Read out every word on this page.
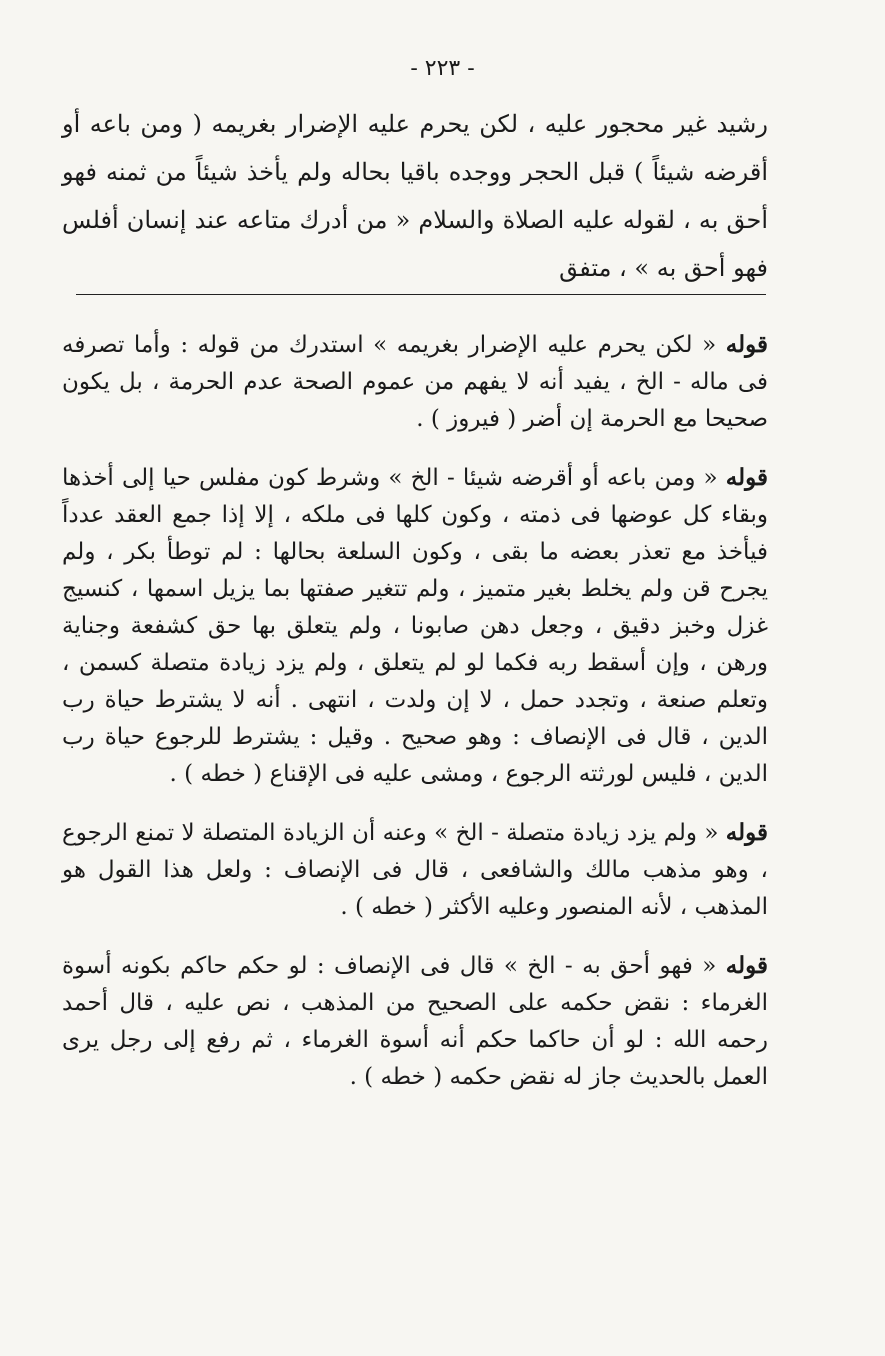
- ٢٢٣ -
رشيد غير محجور عليه ، لكن يحرم عليه الإضرار بغريمه ( ومن باعه أو أقرضه شيئاً ) قبل الحجر ووجده باقيا بحاله ولم يأخذ شيئاً من ثمنه فهو أحق به ، لقوله عليه الصلاة والسلام « من أدرك متاعه عند إنسان أفلس فهو أحق به » ، متفق

قوله « لكن يحرم عليه الإضرار بغريمه » استدرك من قوله : وأما تصرفه فى ماله - الخ ، يفيد أنه لا يفهم من عموم الصحة عدم الحرمة ، بل يكون صحيحا مع الحرمة إن أضر ( فيروز ) .

قوله « ومن باعه أو أقرضه شيئا - الخ » وشرط كون مفلس حيا إلى أخذها وبقاء كل عوضها فى ذمته ، وكون كلها فى ملكه ، إلا إذا جمع العقد عدداً فيأخذ مع تعذر بعضه ما بقى ، وكون السلعة بحالها : لم توطأ بكر ، ولم يجرح قن ولم يخلط بغير متميز ، ولم تتغير صفتها بما يزيل اسمها ، كنسيج غزل وخبز دقيق ، وجعل دهن صابونا ، ولم يتعلق بها حق كشفعة وجناية ورهن ، وإن أسقط ربه فكما لو لم يتعلق ، ولم يزد زيادة متصلة كسمن ، وتعلم صنعة ، وتجدد حمل ، لا إن ولدت ، انتهى . أنه لا يشترط حياة رب الدين ، قال فى الإنصاف : وهو صحيح . وقيل : يشترط للرجوع حياة رب الدين ، فليس لورثته الرجوع ، ومشى عليه فى الإقناع ( خطه ) .

قوله « ولم يزد زيادة متصلة - الخ » وعنه أن الزيادة المتصلة لا تمنع الرجوع ، وهو مذهب مالك والشافعى ، قال فى الإنصاف : ولعل هذا القول هو المذهب ، لأنه المنصور وعليه الأكثر ( خطه ) .

قوله « فهو أحق به - الخ » قال فى الإنصاف : لو حكم حاكم بكونه أسوة الغرماء : نقض حكمه على الصحيح من المذهب ، نص عليه ، قال أحمد رحمه الله : لو أن حاكما حكم أنه أسوة الغرماء ، ثم رفع إلى رجل يرى العمل بالحديث جاز له نقض حكمه ( خطه ) .
